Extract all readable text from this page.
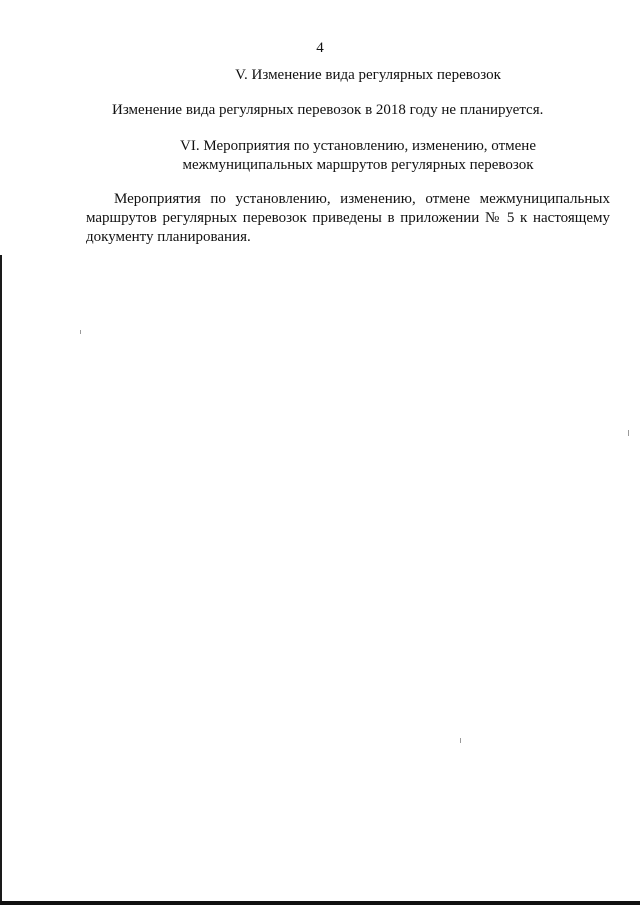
4
V. Изменение вида регулярных перевозок
Изменение вида регулярных перевозок в 2018 году не планируется.
VI. Мероприятия по установлению, изменению, отмене
межмуниципальных маршрутов регулярных перевозок
Мероприятия по установлению, изменению, отмене межмуниципальных
маршрутов регулярных перевозок приведены в приложении № 5 к настоящему
документу планирования.
